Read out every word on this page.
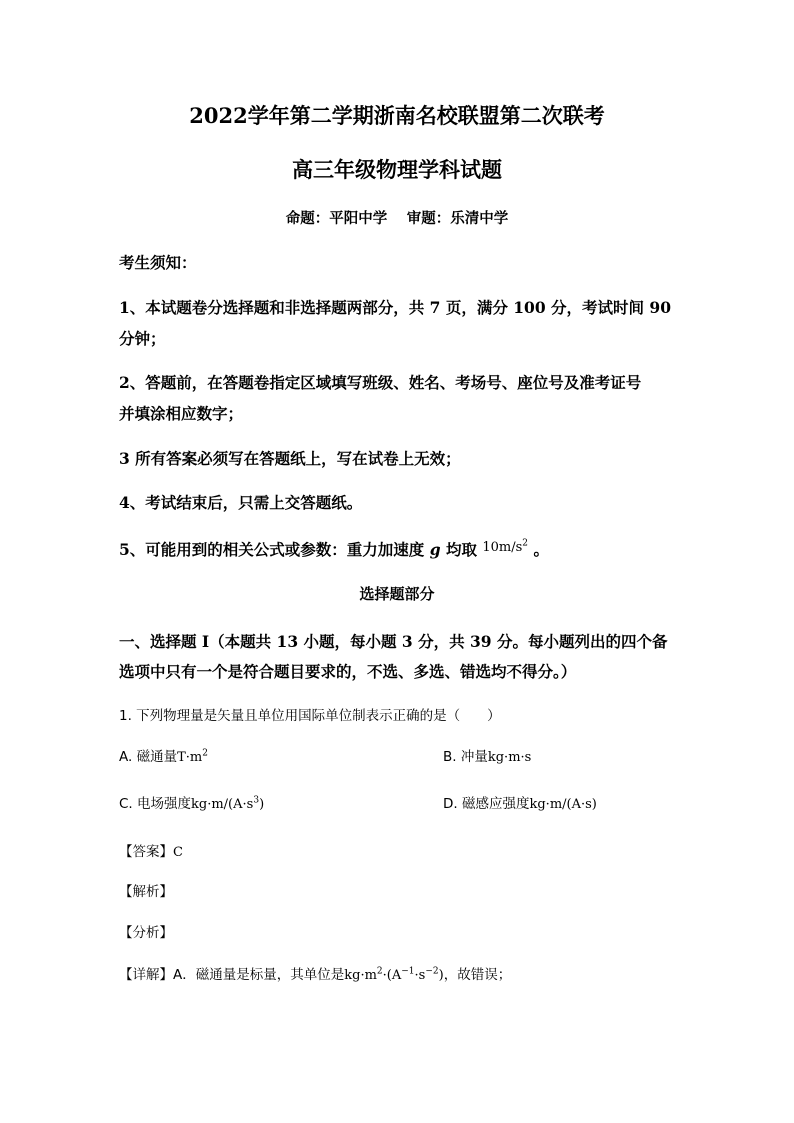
2022学年第二学期浙南名校联盟第二次联考
高三年级物理学科试题
命题：平阳中学　 审题：乐清中学
考生须知：
1、本试题卷分选择题和非选择题两部分，共 7 页，满分 100 分，考试时间 90
分钟；
2、答题前，在答题卷指定区域填写班级、姓名、考场号、座位号及准考证号
并填涂相应数字；
3 所有答案必须写在答题纸上，写在试卷上无效；
4、考试结束后，只需上交答题纸。
5、可能用到的相关公式或参数：重力加速度 g 均取 $^{10m/s^2}$ 。
选择题部分
一、选择题 I（本题共 13 小题，每小题 3 分，共 39 分。每小题列出的四个备
选项中只有一个是符合题目要求的，不选、多选、错选均不得分。）
1. 下列物理量是矢量且单位用国际单位制表示正确的是（　　）
A. 磁通量$T\cdot m^2$	B. 冲量kg·m·s
C. 电场强度$kg\cdot m/(A\cdot s^3)$	D. 磁感应强度kg·m/(A·s)
【答案】C
【解析】
【分析】
【详解】A．磁通量是标量，其单位是$kg\cdot m^2\cdot(A^{-1}\cdot s^{-2})$，故错误；
